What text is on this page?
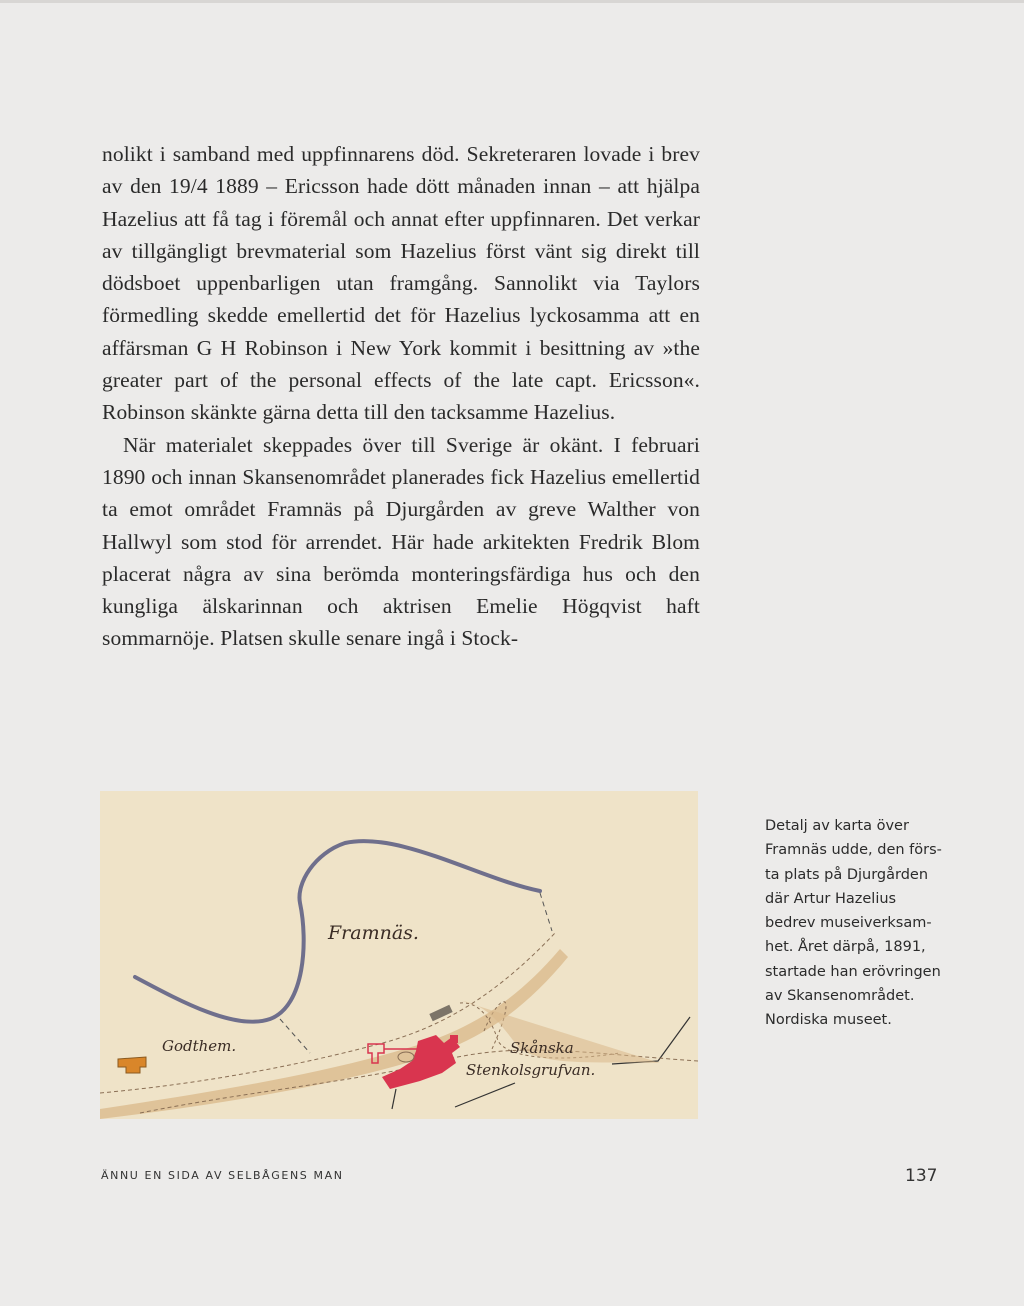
nolikt i samband med uppfinnarens död. Sekreteraren lovade i brev av den 19/4 1889 – Ericsson hade dött månaden innan – att hjälpa Hazelius att få tag i föremål och annat efter uppfinnaren. Det verkar av tillgängligt brevmaterial som Hazelius först vänt sig direkt till dödsboet uppenbarligen utan framgång. Sannolikt via Taylors förmedling skedde emellertid det för Hazelius lyckosamma att en affärsman G H Robinson i New York kommit i besittning av »the greater part of the personal effects of the late capt. Ericsson«. Robinson skänkte gärna detta till den tacksamme Hazelius.

När materialet skeppades över till Sverige är okänt. I februari 1890 och innan Skansenområdet planerades fick Hazelius emellertid ta emot området Framnäs på Djurgården av greve Walther von Hallwyl som stod för arrendet. Här hade arkitekten Fredrik Blom placerat några av sina berömda monteringsfärdiga hus och den kungliga älskarinnan och aktrisen Emelie Högqvist haft sommarnöje. Platsen skulle senare ingå i Stock-

Framnäs.
Godthem.	Skånska
Stenkolsgrufvan.
Detalj av karta över
Framnäs udde, den förs-
ta plats på Djurgården
där Artur Hazelius
bedrev museiverksam-
het. Året därpå, 1891,
startade han erövringen
av Skansenområdet.
Nordiska museet.
ÄNNU EN SIDA AV SELBÅGENS MAN	137
